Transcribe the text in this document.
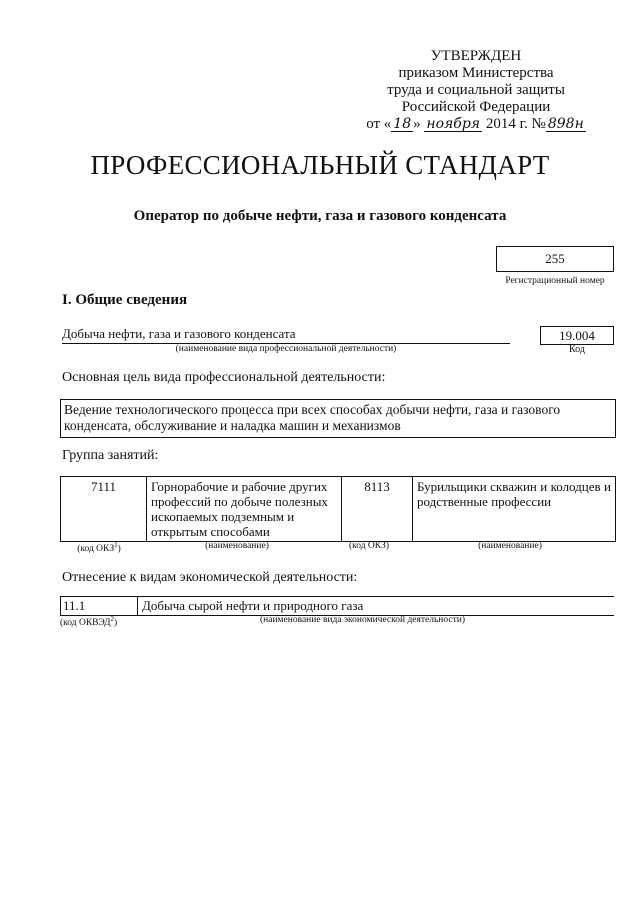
УТВЕРЖДЕН
приказом Министерства
труда и социальной защиты
Российской Федерации
от « 18 » ноября 2014 г. № 898н
ПРОФЕССИОНАЛЬНЫЙ СТАНДАРТ
Оператор по добыче нефти, газа и газового конденсата
255
Регистрационный номер
I. Общие сведения
Добыча нефти, газа и газового конденсата
(наименование вида профессиональной деятельности)
19.004
Код
Основная цель вида профессиональной деятельности:
Ведение технологического процесса при всех способах добычи нефти, газа и газового конденсата, обслуживание и наладка машин и механизмов
Группа занятий:
7111	Горнорабочие и рабочие других профессий по добыче полезных ископаемых подземным и открытым способами	8113	Бурильщики скважин и колодцев и родственные профессии
(код ОКЗ$^1$)	(наименование)	(код ОКЗ)	(наименование)
Отнесение к видам экономической деятельности:
11.1	Добыча сырой нефти и природного газа
(код ОКВЭД$^2$)	(наименование вида экономической деятельности)
